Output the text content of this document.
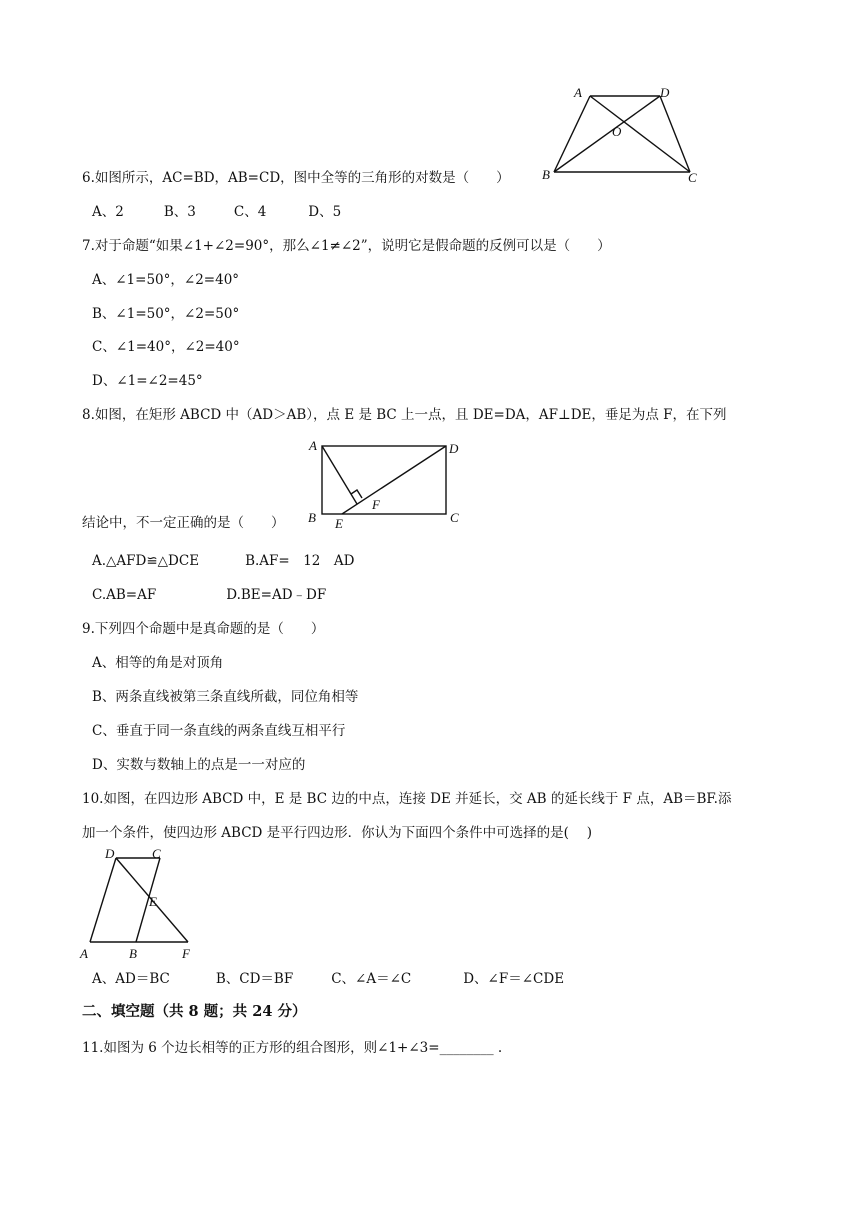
A	D
O
B	C
6.如图所示，AC=BD，AB=CD，图中全等的三角形的对数是（　　）
A、2	B、3	C、4	D、5
7.对于命题“如果∠1+∠2=90°，那么∠1≠∠2”，说明它是假命题的反例可以是（　　）
A、∠1=50°，∠2=40°
B、∠1=50°，∠2=50°
C、∠1=40°，∠2=40°
D、∠1=∠2=45°
8.如图，在矩形 ABCD 中（AD＞AB），点 E 是 BC 上一点，且 DE=DA，AF⊥DE，垂足为点 F，在下列
A	D
F
B E	C
结论中，不一定正确的是（　　）
A.△AFD≌△DCE	B.AF=　12　AD
C.AB=AF	D.BE=AD﹣DF
9.下列四个命题中是真命题的是（　　）
A、相等的角是对顶角
B、两条直线被第三条直线所截，同位角相等
C、垂直于同一条直线的两条直线互相平行
D、实数与数轴上的点是一一对应的
10.如图，在四边形 ABCD 中，E 是 BC 边的中点，连接 DE 并延长，交 AB 的延长线于 F 点，AB＝BF.添
加一个条件，使四边形 ABCD 是平行四边形．你认为下面四个条件中可选择的是(　 )
D	C
E
A	B	F
A、AD＝BC	B、CD＝BF	C、∠A＝∠C	D、∠F＝∠CDE
二、填空题（共 8 题；共 24 分）
11.如图为 6 个边长相等的正方形的组合图形，则∠1+∠3=________ .
